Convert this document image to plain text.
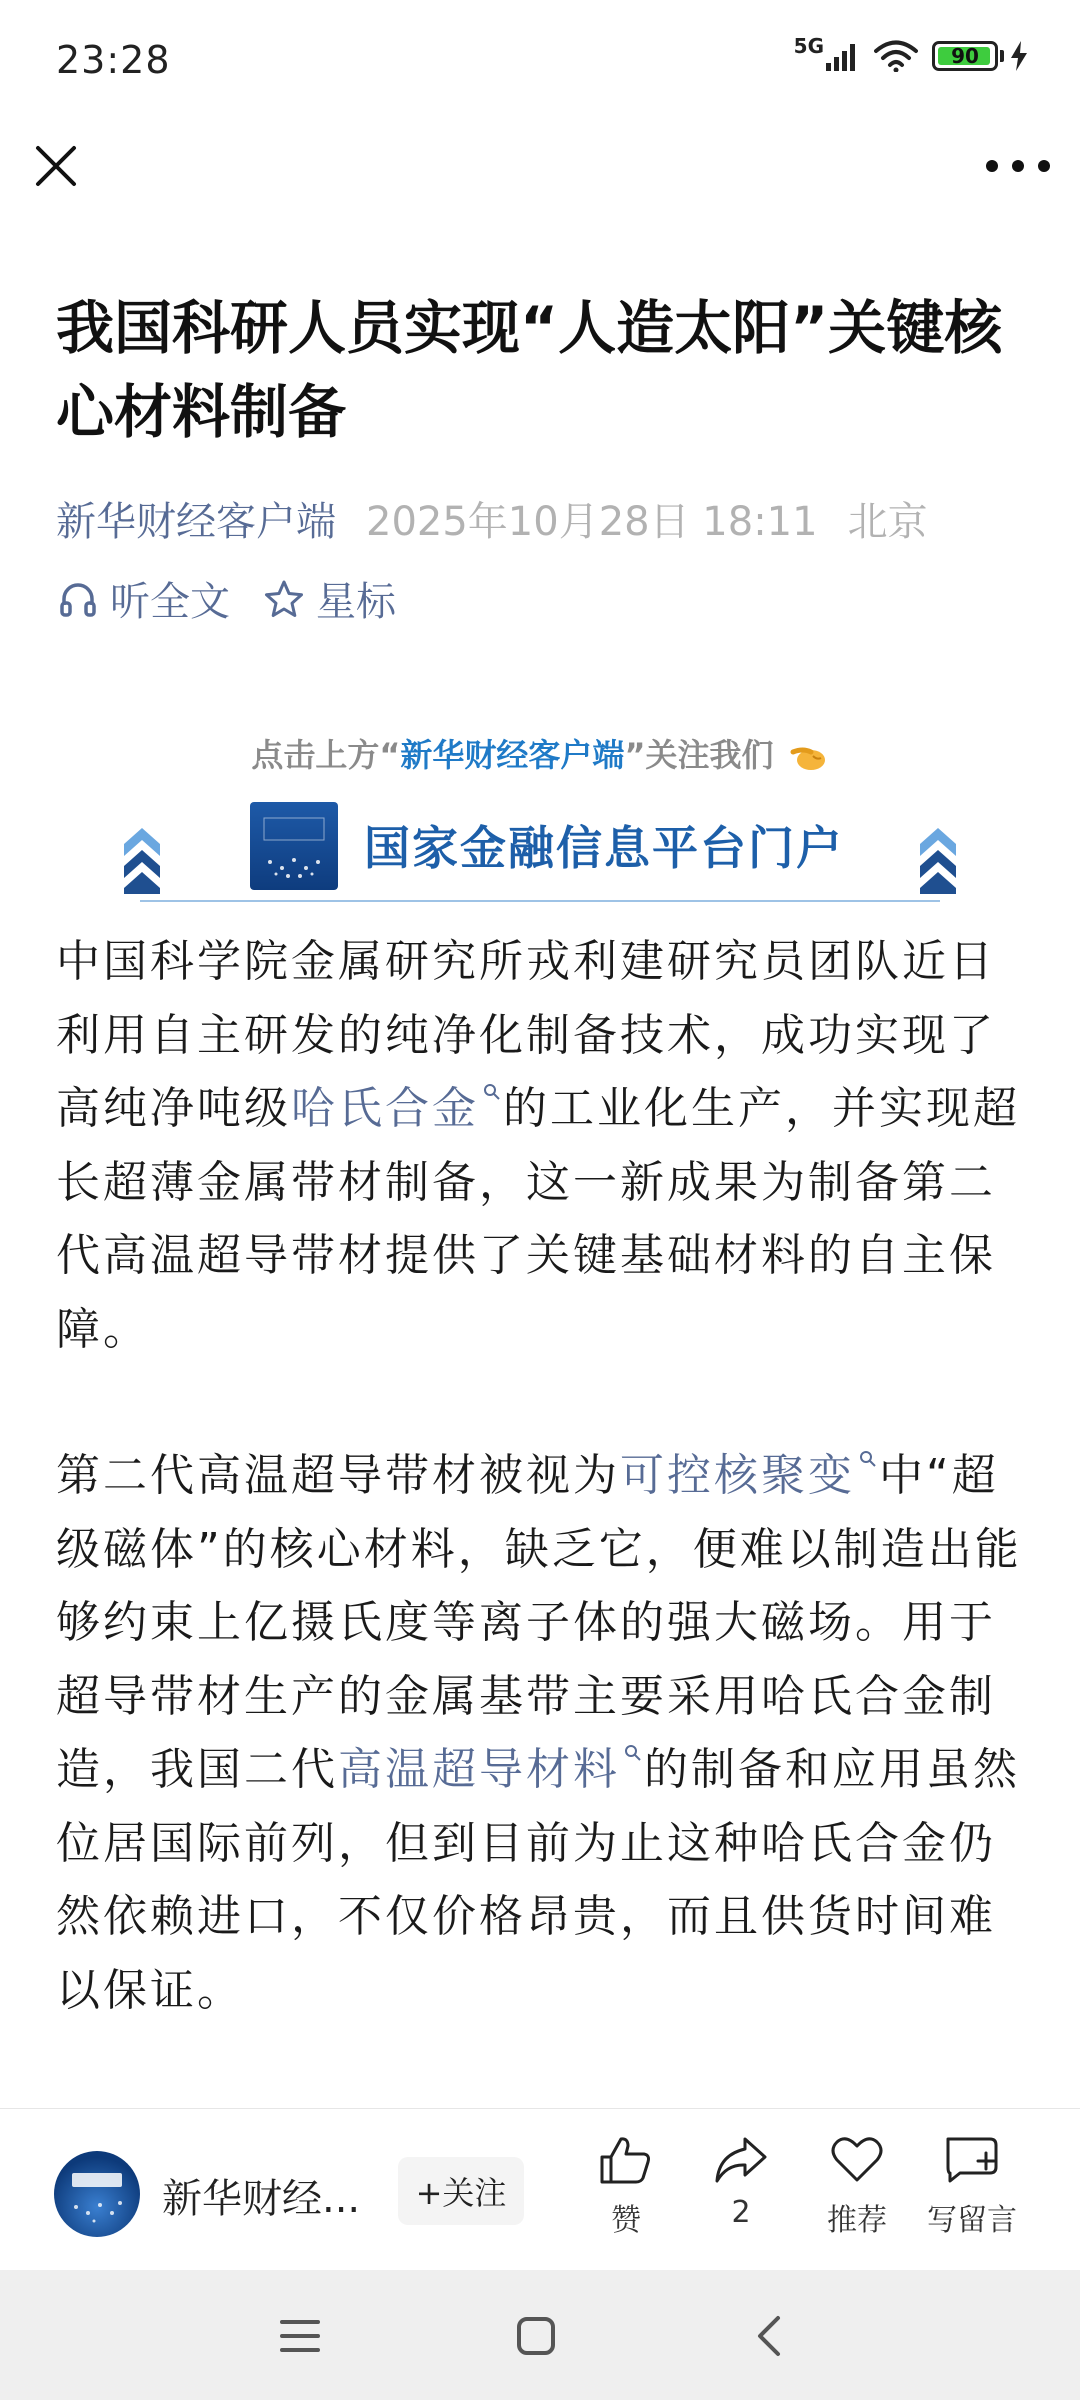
23:28	5G	90
我国科研人员实现“人造太阳”关键核心材料制备
新华财经客户端 2025年10月28日 18:11 北京
听全文 星标
点击上方“新华财经客户端”关注我们
国家金融信息平台门户

中国科学院金属研究所戎利建研究员团队近日利用自主研发的纯净化制备技术，成功实现了高纯净吨级哈氏合金 的工业化生产，并实现超长超薄金属带材制备，这一新成果为制备第二代高温超导带材提供了关键基础材料的自主保障。

第二代高温超导带材被视为可控核聚变 中“超级磁体”的核心材料，缺乏它，便难以制造出能够约束上亿摄氏度等离子体的强大磁场。用于超导带材生产的金属基带主要采用哈氏合金制造，我国二代高温超导材料 的制备和应用虽然位居国际前列，但到目前为止这种哈氏合金仍然依赖进口，不仅价格昂贵，而且供货时间难以保证。

新华财经...	+关注
赞	2	推荐 写留言
